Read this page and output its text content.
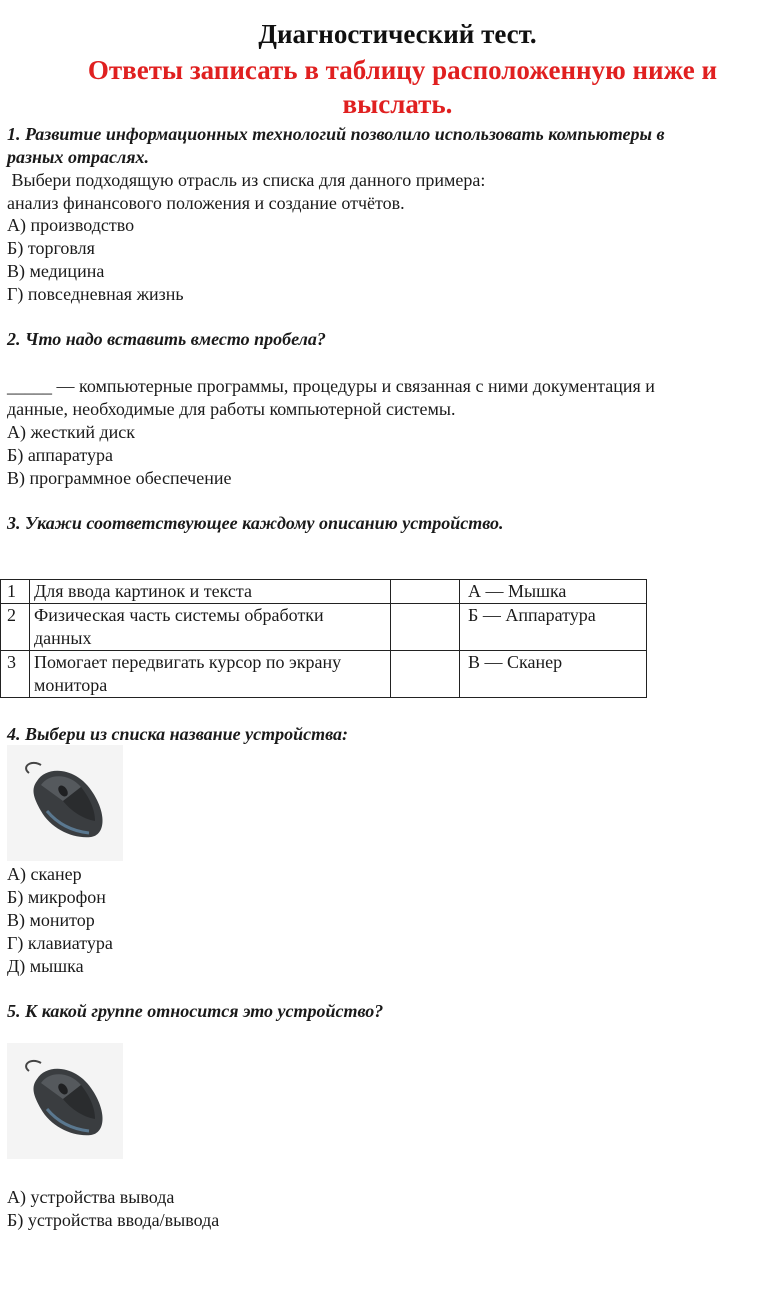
Диагностический тест.
Ответы записать в таблицу расположенную ниже и
выслать.
1. Развитие информационных технологий позволило использовать компьютеры в
разных отраслях.
Выбери подходящую отрасль из списка для данного примера:
анализ финансового положения и создание отчётов.
А) производство
Б) торговля
В) медицина
Г) повседневная жизнь
2. Что надо вставить вместо пробела?
_____ — компьютерные программы, процедуры и связанная с ними документация и
данные, необходимые для работы компьютерной системы.
А) жесткий диск
Б) аппаратура
В) программное обеспечение
3. Укажи соответствующее каждому описанию устройство.
1	Для ввода картинок и текста		А — Мышка
2	Физическая часть системы обработки
данных		Б — Аппаратура
3	Помогает передвигать курсор по экрану
монитора		В — Сканер
4. Выбери из списка название устройства:
А) сканер
Б) микрофон
В) монитор
Г) клавиатура
Д) мышка
5. К какой группе относится это устройство?
А) устройства вывода
Б) устройства ввода/вывода
